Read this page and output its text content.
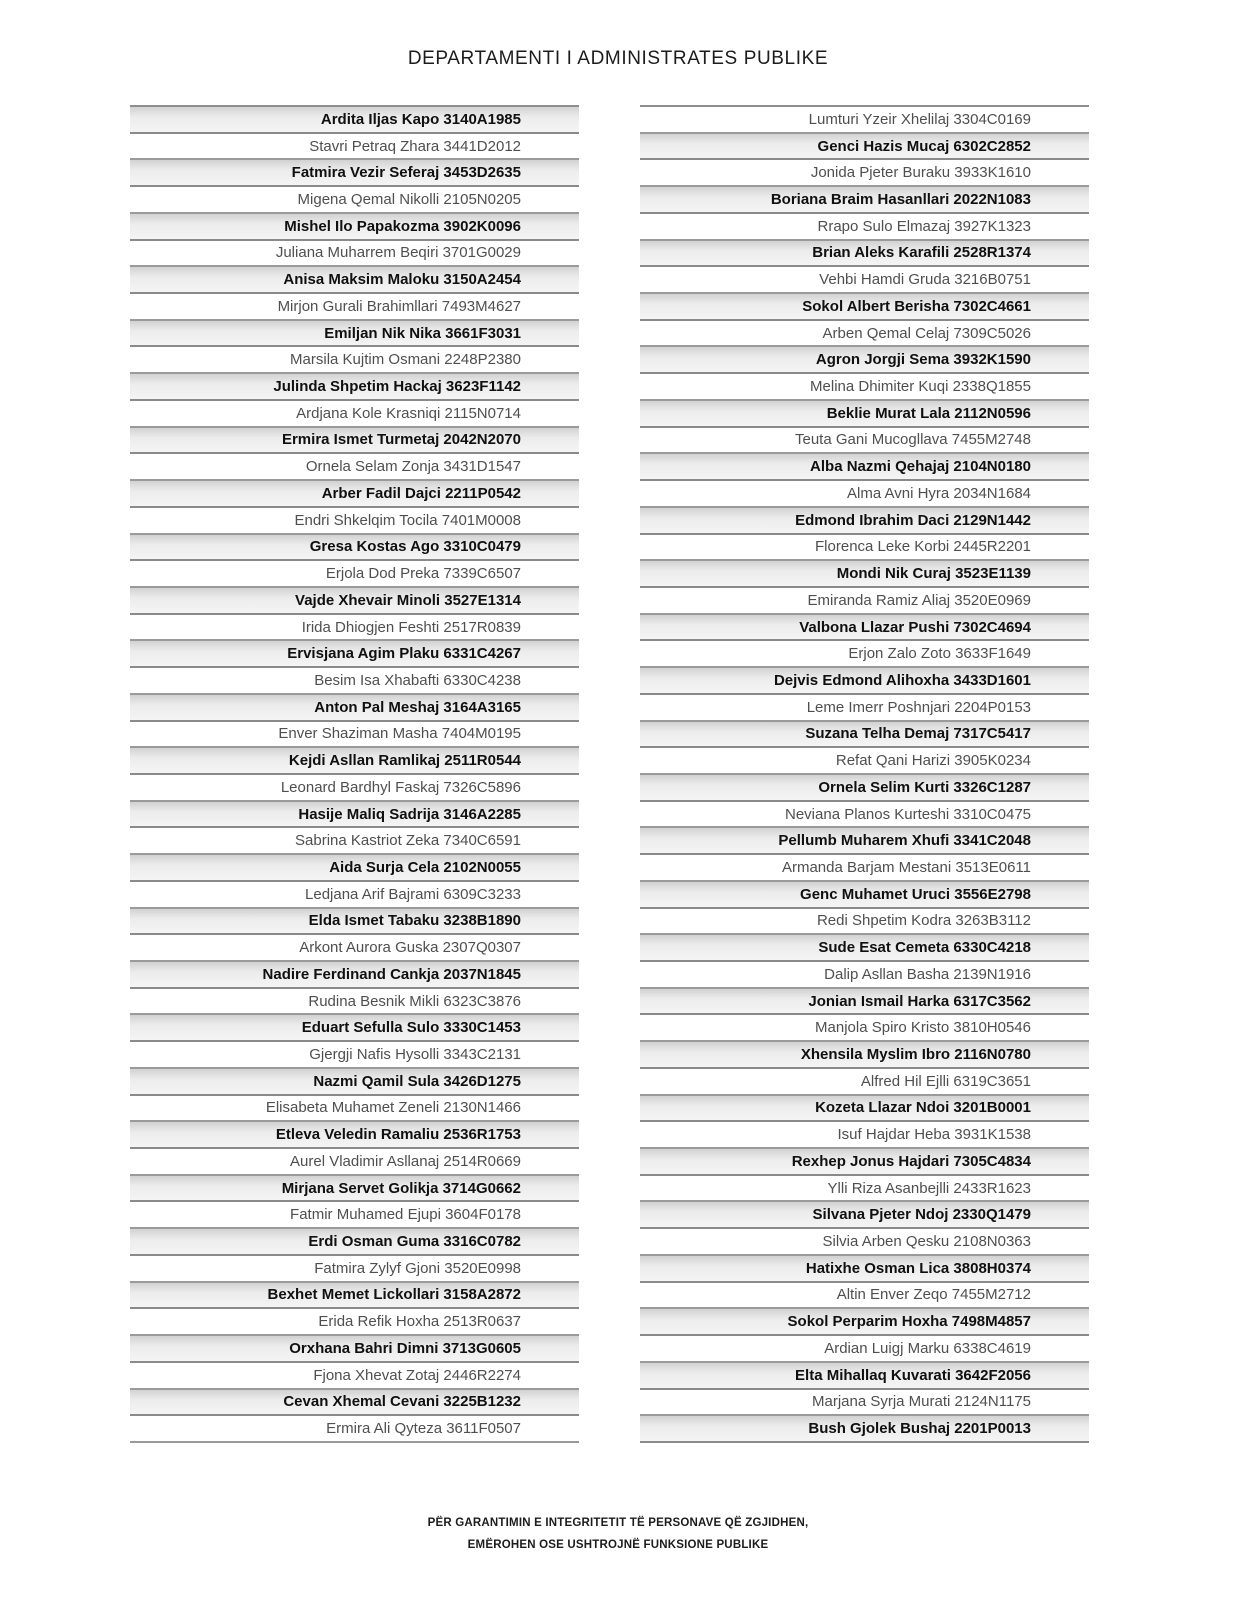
DEPARTAMENTI I ADMINISTRATES PUBLIKE
Ardita Iljas Kapo 3140A1985
Stavri Petraq Zhara 3441D2012
Fatmira Vezir Seferaj 3453D2635
Migena Qemal Nikolli 2105N0205
Mishel Ilo Papakozma 3902K0096
Juliana Muharrem Beqiri 3701G0029
Anisa Maksim Maloku 3150A2454
Mirjon Gurali Brahimllari 7493M4627
Emiljan Nik Nika 3661F3031
Marsila Kujtim Osmani 2248P2380
Julinda Shpetim Hackaj 3623F1142
Ardjana Kole Krasniqi 2115N0714
Ermira Ismet Turmetaj 2042N2070
Ornela Selam Zonja 3431D1547
Arber Fadil Dajci 2211P0542
Endri Shkelqim Tocila 7401M0008
Gresa Kostas Ago 3310C0479
Erjola Dod Preka 7339C6507
Vajde Xhevair Minoli 3527E1314
Irida Dhiogjen Feshti 2517R0839
Ervisjana Agim Plaku 6331C4267
Besim Isa Xhabafti 6330C4238
Anton Pal Meshaj 3164A3165
Enver Shaziman Masha 7404M0195
Kejdi Asllan Ramlikaj 2511R0544
Leonard Bardhyl Faskaj 7326C5896
Hasije Maliq Sadrija 3146A2285
Sabrina Kastriot Zeka 7340C6591
Aida Surja Cela 2102N0055
Ledjana Arif Bajrami 6309C3233
Elda Ismet Tabaku 3238B1890
Arkont Aurora Guska 2307Q0307
Nadire Ferdinand Cankja 2037N1845
Rudina Besnik Mikli 6323C3876
Eduart Sefulla Sulo 3330C1453
Gjergji Nafis Hysolli 3343C2131
Nazmi Qamil Sula 3426D1275
Elisabeta Muhamet Zeneli 2130N1466
Etleva Veledin Ramaliu 2536R1753
Aurel Vladimir Asllanaj 2514R0669
Mirjana Servet Golikja 3714G0662
Fatmir Muhamed Ejupi 3604F0178
Erdi Osman Guma 3316C0782
Fatmira Zylyf Gjoni 3520E0998
Bexhet Memet Lickollari 3158A2872
Erida Refik Hoxha 2513R0637
Orxhana Bahri Dimni 3713G0605
Fjona Xhevat Zotaj 2446R2274
Cevan Xhemal Cevani 3225B1232
Ermira Ali Qyteza 3611F0507
Lumturi Yzeir Xhelilaj 3304C0169
Genci Hazis Mucaj 6302C2852
Jonida Pjeter Buraku 3933K1610
Boriana Braim Hasanllari 2022N1083
Rrapo Sulo Elmazaj 3927K1323
Brian Aleks Karafili 2528R1374
Vehbi Hamdi Gruda 3216B0751
Sokol Albert Berisha 7302C4661
Arben Qemal Celaj 7309C5026
Agron Jorgji Sema 3932K1590
Melina Dhimiter Kuqi 2338Q1855
Beklie Murat Lala 2112N0596
Teuta Gani Mucogllava 7455M2748
Alba Nazmi Qehajaj 2104N0180
Alma Avni Hyra 2034N1684
Edmond Ibrahim Daci 2129N1442
Florenca Leke Korbi 2445R2201
Mondi Nik Curaj 3523E1139
Emiranda Ramiz Aliaj 3520E0969
Valbona Llazar Pushi 7302C4694
Erjon Zalo Zoto 3633F1649
Dejvis Edmond Alihoxha 3433D1601
Leme Imerr Poshnjari 2204P0153
Suzana Telha Demaj 7317C5417
Refat Qani Harizi 3905K0234
Ornela Selim Kurti 3326C1287
Neviana Planos Kurteshi 3310C0475
Pellumb Muharem Xhufi 3341C2048
Armanda Barjam Mestani 3513E0611
Genc Muhamet Uruci 3556E2798
Redi Shpetim Kodra 3263B3112
Sude Esat Cemeta 6330C4218
Dalip Asllan Basha 2139N1916
Jonian Ismail Harka 6317C3562
Manjola Spiro Kristo 3810H0546
Xhensila Myslim Ibro 2116N0780
Alfred Hil Ejlli 6319C3651
Kozeta Llazar Ndoi 3201B0001
Isuf Hajdar Heba 3931K1538
Rexhep Jonus Hajdari 7305C4834
Ylli Riza Asanbejlli 2433R1623
Silvana Pjeter Ndoj 2330Q1479
Silvia Arben Qesku 2108N0363
Hatixhe Osman Lica 3808H0374
Altin Enver Zeqo 7455M2712
Sokol Perparim Hoxha 7498M4857
Ardian Luigj Marku 6338C4619
Elta Mihallaq Kuvarati 3642F2056
Marjana Syrja Murati 2124N1175
Bush Gjolek Bushaj 2201P0013
PËR GARANTIMIN E INTEGRITETIT TË PERSONAVE QË ZGJIDHEN,
EMËROHEN OSE USHTROJNË FUNKSIONE PUBLIKE
